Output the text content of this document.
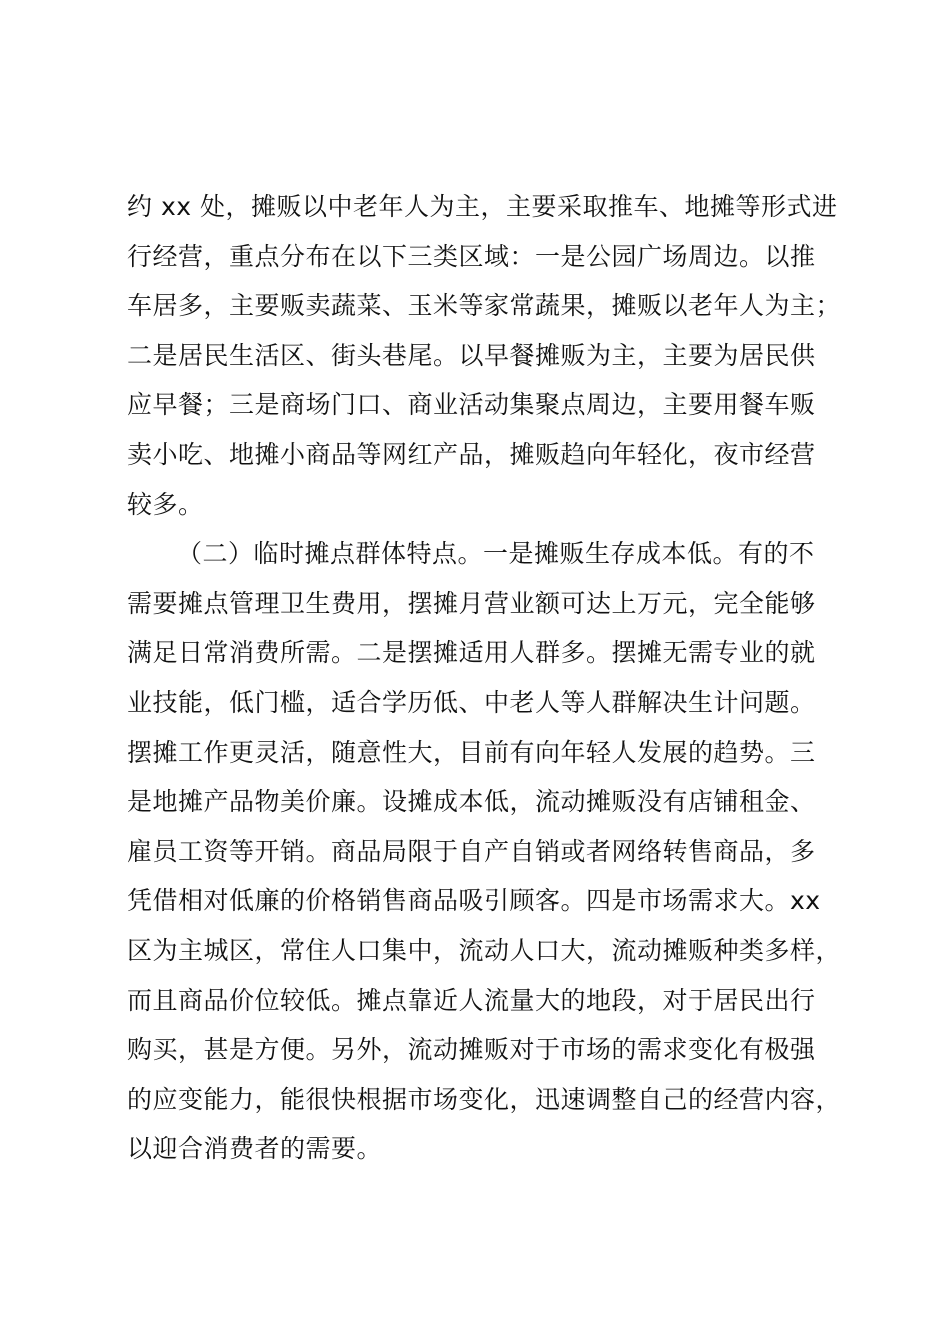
约 xx 处，摊贩以中老年人为主，主要采取推车、地摊等形式进
行经营，重点分布在以下三类区域：一是公园广场周边。以推
车居多，主要贩卖蔬菜、玉米等家常蔬果，摊贩以老年人为主；
二是居民生活区、街头巷尾。以早餐摊贩为主，主要为居民供
应早餐；三是商场门口、商业活动集聚点周边，主要用餐车贩
卖小吃、地摊小商品等网红产品，摊贩趋向年轻化，夜市经营
较多。
（二）临时摊点群体特点。一是摊贩生存成本低。有的不
需要摊点管理卫生费用，摆摊月营业额可达上万元，完全能够
满足日常消费所需。二是摆摊适用人群多。摆摊无需专业的就
业技能，低门槛，适合学历低、中老人等人群解决生计问题。
摆摊工作更灵活，随意性大，目前有向年轻人发展的趋势。三
是地摊产品物美价廉。设摊成本低，流动摊贩没有店铺租金、
雇员工资等开销。商品局限于自产自销或者网络转售商品，多
凭借相对低廉的价格销售商品吸引顾客。四是市场需求大。xx
区为主城区，常住人口集中，流动人口大，流动摊贩种类多样，
而且商品价位较低。摊点靠近人流量大的地段，对于居民出行
购买，甚是方便。另外，流动摊贩对于市场的需求变化有极强
的应变能力，能很快根据市场变化，迅速调整自己的经营内容，
以迎合消费者的需要。
